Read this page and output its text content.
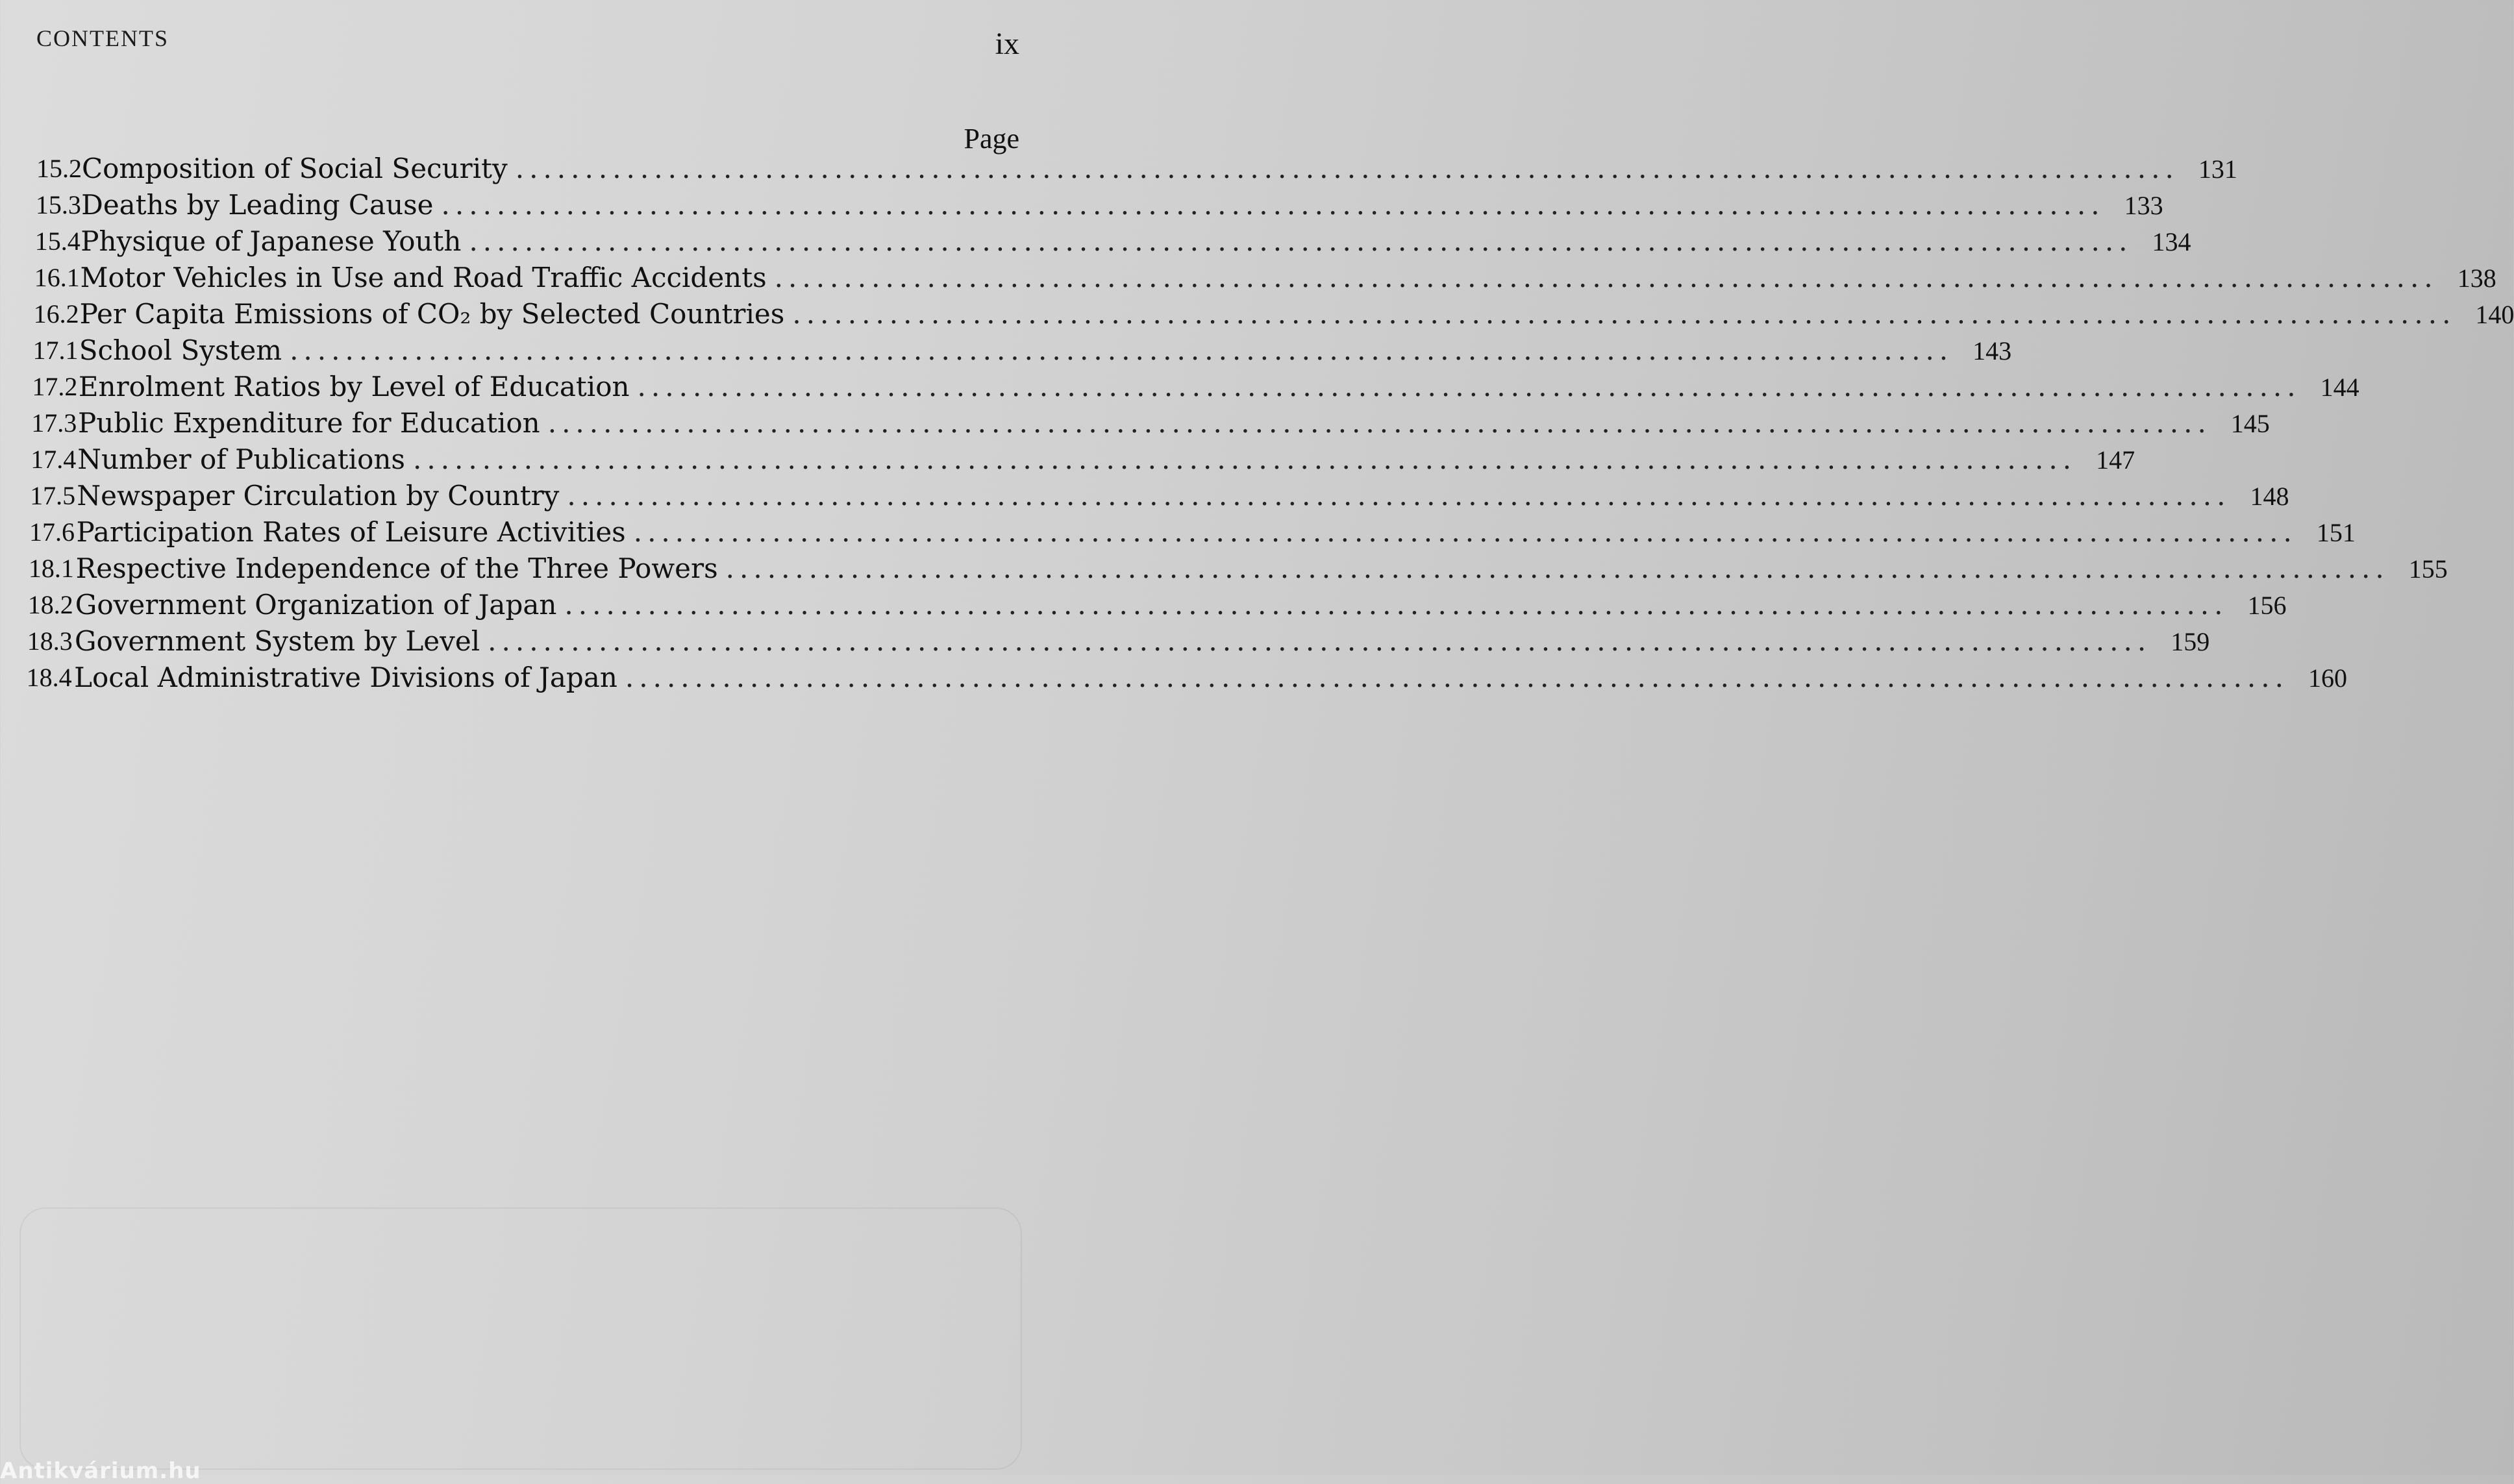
CONTENTS	ix
Page
15.2 Composition of Social Security ........................................................................................................................ 131
15.3 Deaths by Leading Cause ........................................................................................................................ 133
15.4 Physique of Japanese Youth ........................................................................................................................ 134
16.1 Motor Vehicles in Use and Road Traffic Accidents ........................................................................................................................ 138
16.2 Per Capita Emissions of CO₂ by Selected Countries ........................................................................................................................ 140
17.1 School System ........................................................................................................................ 143
17.2 Enrolment Ratios by Level of Education ........................................................................................................................ 144
17.3 Public Expenditure for Education ........................................................................................................................ 145
17.4 Number of Publications ........................................................................................................................ 147
17.5 Newspaper Circulation by Country ........................................................................................................................ 148
17.6 Participation Rates of Leisure Activities ........................................................................................................................ 151
18.1 Respective Independence of the Three Powers ........................................................................................................................ 155
18.2 Government Organization of Japan ........................................................................................................................ 156
18.3 Government System by Level ........................................................................................................................ 159
18.4 Local Administrative Divisions of Japan ........................................................................................................................ 160
Antikvárium.hu
